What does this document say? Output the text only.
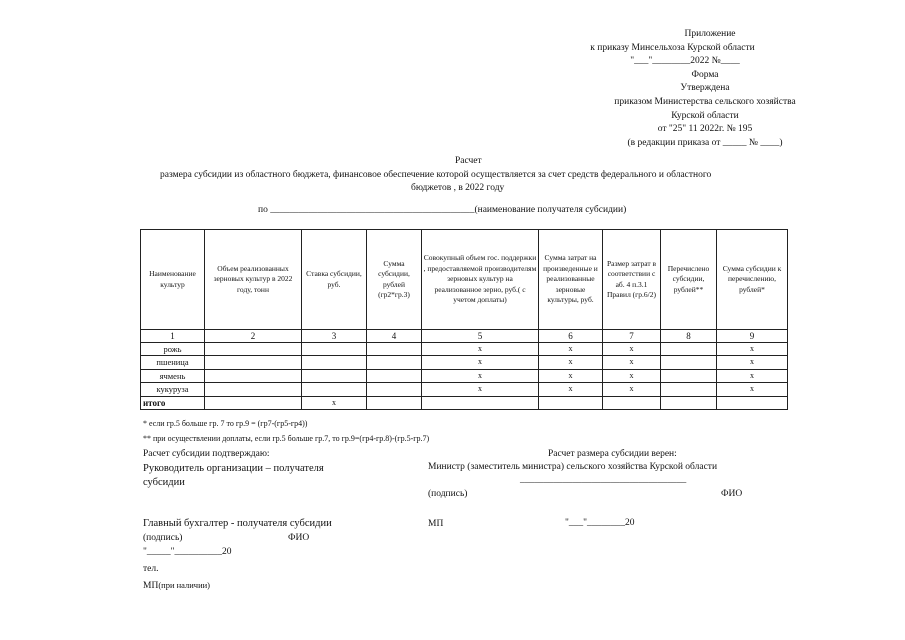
Приложение
к приказу Минсельхоза Курской области
"___"________2022 №____
Форма
Утверждена
приказом Министерства сельского хозяйства
Курской области
от "25" 11 2022г. № 195
(в редакции приказа от _____ № ____)
Расчет
размера субсидии из областного бюджета, финансовое обеспечение которой осуществляется за счет средств федерального и областного
бюджетов , в 2022 году
по ___________________________________________(наименование получателя субсидии)
Наименование культур	Объем реализованных зерновых культур в 2022 году, тонн	Ставка субсидии, руб.	Сумма субсидии, рублей (гр2*гр.3)	Совокупный объем гос. поддержки , предоставляемой производителям зерновых культур на реализованное зерно, руб.( с учетом доплаты)	Сумма затрат на произведенные и реализованные зерновые культуры, руб.	Размер затрат в соответствии с аб. 4 п.3.1 Правил (гр.6/2)	Перечислено субсидии, рублей**	Сумма субсидии к перечислению, рублей*
1	2	3	4	5	6	7	8	9
рожь				x	x	x		x
пшеница				x	x	x		x
ячмень				x	x	x		x
кукуруза				x	x	x		x
итого		x						
* если гр.5 больше гр. 7 то гр.9 = (гр7-(гр5-гр4))
** при осуществлении доплаты, если гр.5 больше гр.7, то гр.9=(гр4-гр.8)-(гр.5-гр.7)
Расчет субсидии подтверждаю:	Расчет размера субсидии верен:
Руководитель организации – получателя
субсидии
Министр (заместитель министра) сельского хозяйства Курской области
___________________________________
(подпись)	ФИО
Главный бухгалтер - получателя субсидии	МП	"___"________20
(подпись)	ФИО
"_____"__________20
тел.
МП(при наличии)
